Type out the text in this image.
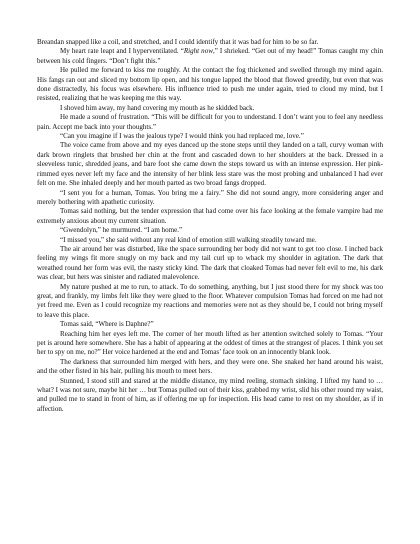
Breandan snapped like a coil, and stretched, and I could identify that it was bad for him to be so far.

My heart rate leapt and I hyperventilated. “Right now,” I shrieked. “Get out of my head!” Tomas caught my chin between his cold fingers. “Don’t fight this.”

He pulled me forward to kiss me roughly. At the contact the fog thickened and swelled through my mind again. His fangs ran out and sliced my bottom lip open, and his tongue lapped the blood that flowed greedily, but even that was done distractedly, his focus was elsewhere. His influence tried to push me under again, tried to cloud my mind, but I resisted, realizing that he was keeping me this way.

I shoved him away, my hand covering my mouth as he skidded back.

He made a sound of frustration. “This will be difficult for you to understand. I don’t want you to feel any needless pain. Accept me back into your thoughts.”

“Can you imagine if I was the jealous type? I would think you had replaced me, love.”

The voice came from above and my eyes danced up the stone steps until they landed on a tall, curvy woman with dark brown ringlets that brushed her chin at the front and cascaded down to her shoulders at the back. Dressed in a sleeveless tunic, shredded jeans, and bare foot she came down the steps toward us with an intense expression. Her pink-rimmed eyes never left my face and the intensity of her blink less stare was the most probing and unbalanced I had ever felt on me. She inhaled deeply and her mouth parted as two broad fangs dropped.

“I sent you for a human, Tomas. You bring me a fairy.” She did not sound angry, more considering anger and merely bothering with apathetic curiosity.

Tomas said nothing, but the tender expression that had come over his face looking at the female vampire had me extremely anxious about my current situation.

“Gwendolyn,” he murmured. “I am home.”

“I missed you,” she said without any real kind of emotion still walking steadily toward me.

The air around her was disturbed, like the space surrounding her body did not want to get too close. I inched back feeling my wings fit more snugly on my back and my tail curl up to whack my shoulder in agitation. The dark that wreathed round her form was evil, the nasty sticky kind. The dark that cloaked Tomas had never felt evil to me, his dark was clear, but hers was sinister and radiated malevolence.

My nature pushed at me to run, to attack. To do something, anything, but I just stood there for my shock was too great, and frankly, my limbs felt like they were glued to the floor. Whatever compulsion Tomas had forced on me had not yet freed me. Even as I could recognize my reactions and memories were not as they should be, I could not bring myself to leave this place.

Tomas said, “Where is Daphne?”

Reaching him her eyes left me. The corner of her mouth lifted as her attention switched solely to Tomas. “Your pet is around here somewhere. She has a habit of appearing at the oddest of times at the strangest of places. I think you set her to spy on me, no?” Her voice hardened at the end and Tomas’ face took on an innocently blank look.

The darkness that surrounded him merged with hers, and they were one. She snaked her hand around his waist, and the other fisted in his hair, pulling his mouth to meet hers.

Stunned, I stood still and stared at the middle distance, my mind reeling, stomach sinking. I lifted my hand to … what? I was not sure, maybe hit her … but Tomas pulled out of their kiss, grabbed my wrist, slid his other round my waist, and pulled me to stand in front of him, as if offering me up for inspection. His head came to rest on my shoulder, as if in affection.
